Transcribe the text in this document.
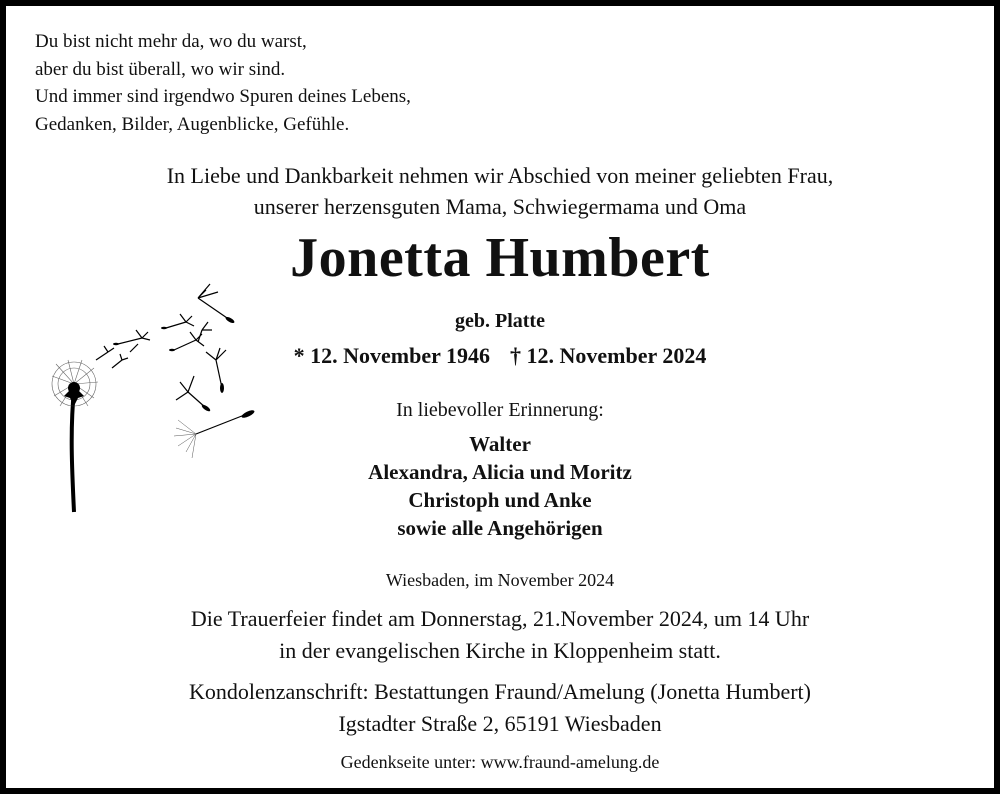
Du bist nicht mehr da, wo du warst,
aber du bist überall, wo wir sind.
Und immer sind irgendwo Spuren deines Lebens,
Gedanken, Bilder, Augenblicke, Gefühle.
In Liebe und Dankbarkeit nehmen wir Abschied von meiner geliebten Frau,
unserer herzensguten Mama, Schwiegermama und Oma
Jonetta Humbert
geb. Platte
* 12. November 1946 † 12. November 2024
In liebevoller Erinnerung:
Walter
Alexandra, Alicia und Moritz
Christoph und Anke
sowie alle Angehörigen
Wiesbaden, im November 2024
Die Trauerfeier findet am Donnerstag, 21.November 2024, um 14 Uhr
in der evangelischen Kirche in Kloppenheim statt.
Kondolenzanschrift: Bestattungen Fraund/Amelung (Jonetta Humbert)
Igstadter Straße 2, 65191 Wiesbaden
Gedenkseite unter: www.fraund-amelung.de
